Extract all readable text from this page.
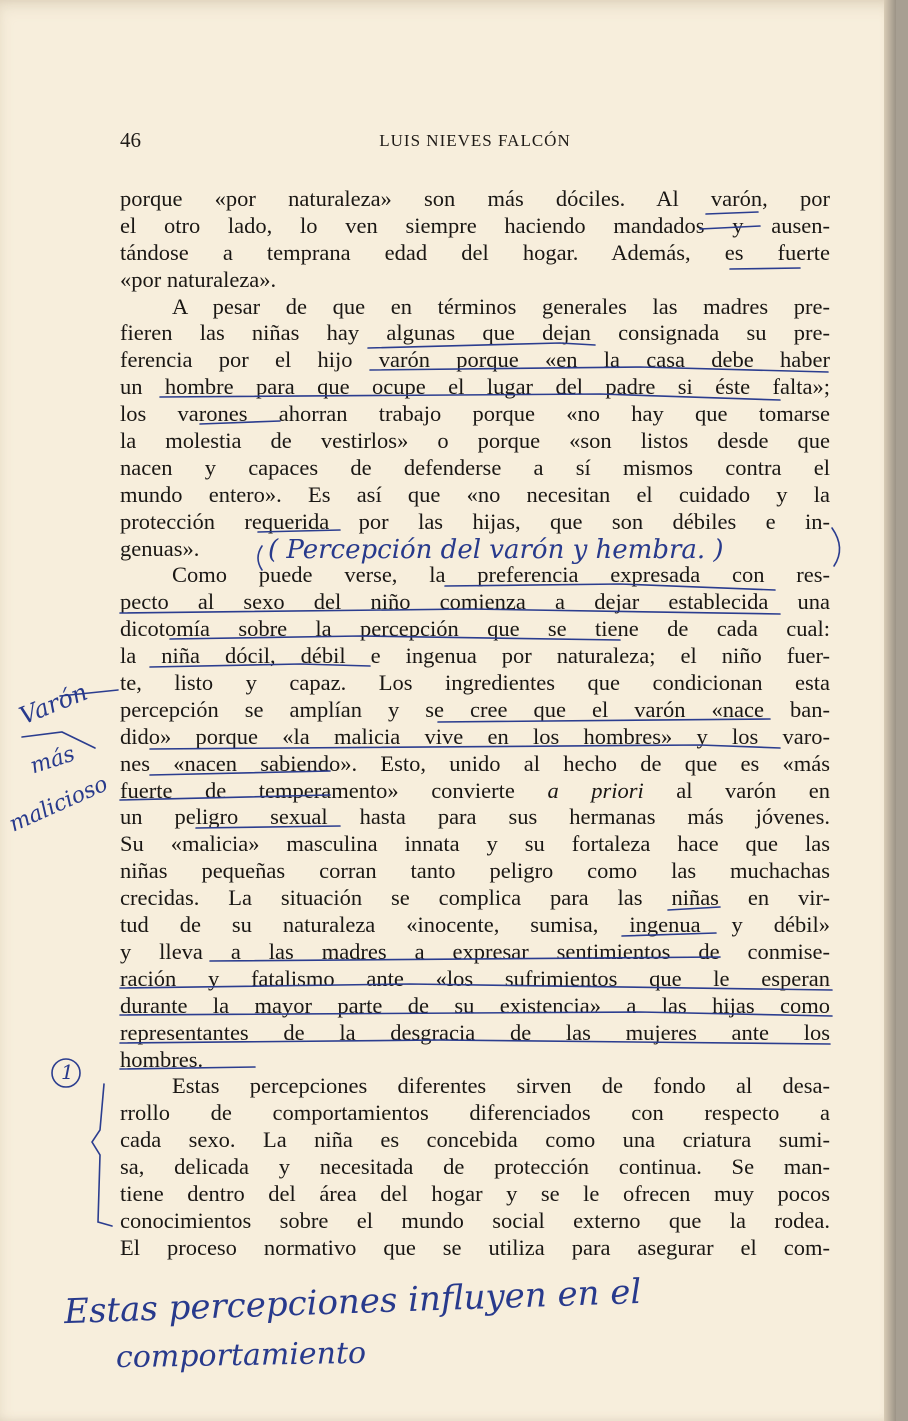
46	LUIS NIEVES FALCÓN
porque «por naturaleza» son más dóciles. Al varón, por
el otro lado, lo ven siempre haciendo mandados y ausen-
tándose a temprana edad del hogar. Además, es fuerte
«por naturaleza».
A pesar de que en términos generales las madres pre-
fieren las niñas hay algunas que dejan consignada su pre-
ferencia por el hijo varón porque «en la casa debe haber
un hombre para que ocupe el lugar del padre si éste falta»;
los varones ahorran trabajo porque «no hay que tomarse
la molestia de vestirlos» o porque «son listos desde que
nacen y capaces de defenderse a sí mismos contra el
mundo entero». Es así que «no necesitan el cuidado y la
protección requerida por las hijas, que son débiles e in-
genuas».
Como puede verse, la preferencia expresada con res-
pecto al sexo del niño comienza a dejar establecida una
dicotomía sobre la percepción que se tiene de cada cual:
la niña dócil, débil e ingenua por naturaleza; el niño fuer-
te, listo y capaz. Los ingredientes que condicionan esta
percepción se amplían y se cree que el varón «nace ban-
dido» porque «la malicia vive en los hombres» y los varo-
nes «nacen sabiendo». Esto, unido al hecho de que es «más
fuerte de temperamento» convierte a priori al varón en
un peligro sexual hasta para sus hermanas más jóvenes.
Su «malicia» masculina innata y su fortaleza hace que las
niñas pequeñas corran tanto peligro como las muchachas
crecidas. La situación se complica para las niñas en vir-
tud de su naturaleza «inocente, sumisa, ingenua y débil»
y lleva a las madres a expresar sentimientos de conmise-
ración y fatalismo ante «los sufrimientos que le esperan
durante la mayor parte de su existencia» a las hijas como
representantes de la desgracia de las mujeres ante los
hombres.
Estas percepciones diferentes sirven de fondo al desa-
rrollo de comportamientos diferenciados con respecto a
cada sexo. La niña es concebida como una criatura sumi-
sa, delicada y necesitada de protección continua. Se man-
tiene dentro del área del hogar y se le ofrecen muy pocos
conocimientos sobre el mundo social externo que la rodea.
El proceso normativo que se utiliza para asegurar el com-
( Percepción del varón y hembra. )
Varón
más
malicioso
1
Estas percepciones influyen en el
comportamiento
